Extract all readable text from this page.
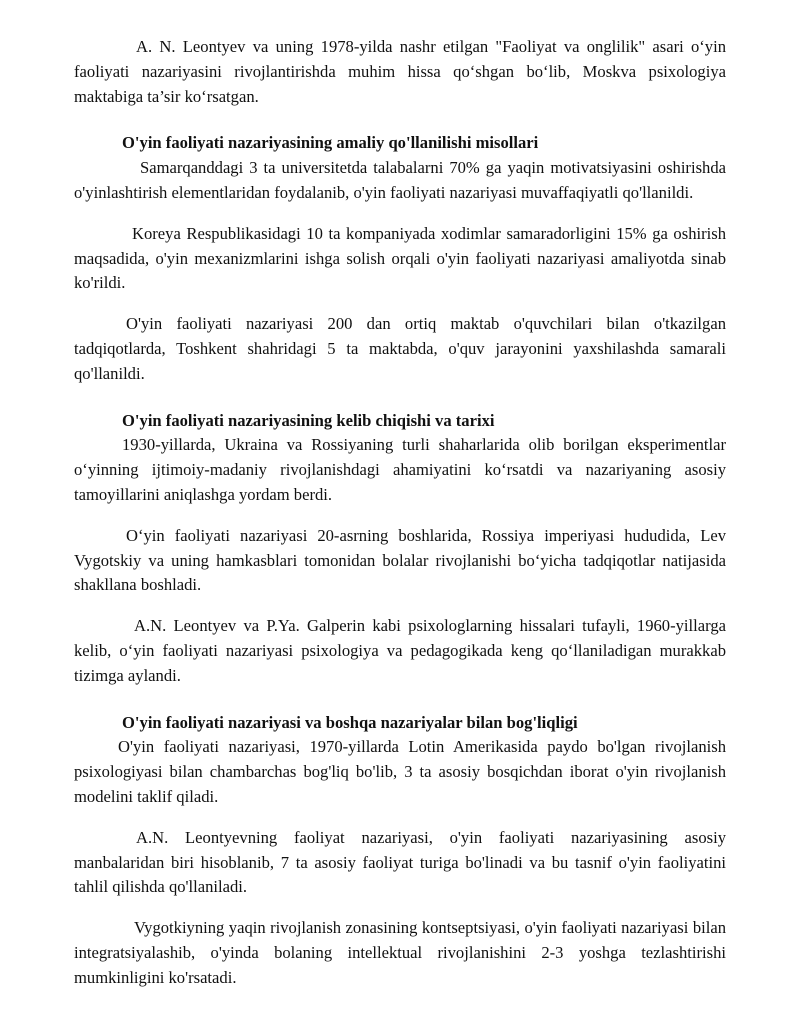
A. N. Leontyev va uning 1978-yilda nashr etilgan "Faoliyat va onglilik" asari o‘yin faoliyati nazariyasini rivojlantirishda muhim hissa qo‘shgan bo‘lib, Moskva psixologiya maktabiga ta’sir ko‘rsatgan.

O'yin faoliyati nazariyasining amaliy qo'llanilishi misollari

Samarqanddagi 3 ta universitetda talabalarni 70% ga yaqin motivatsiyasini oshirishda o'yinlashtirish elementlaridan foydalanib, o'yin faoliyati nazariyasi muvaffaqiyatli qo'llanildi.

Koreya Respublikasidagi 10 ta kompaniyada xodimlar samaradorligini 15% ga oshirish maqsadida, o'yin mexanizmlarini ishga solish orqali o'yin faoliyati nazariyasi amaliyotda sinab ko'rildi.

O'yin faoliyati nazariyasi 200 dan ortiq maktab o'quvchilari bilan o'tkazilgan tadqiqotlarda, Toshkent shahridagi 5 ta maktabda, o'quv jarayonini yaxshilashda samarali qo'llanildi.

O'yin faoliyati nazariyasining kelib chiqishi va tarixi

1930-yillarda, Ukraina va Rossiyaning turli shaharlarida olib borilgan eksperimentlar o‘yinning ijtimoiy-madaniy rivojlanishdagi ahamiyatini ko‘rsatdi va nazariyaning asosiy tamoyillarini aniqlashga yordam berdi.

O‘yin faoliyati nazariyasi 20-asrning boshlarida, Rossiya imperiyasi hududida, Lev Vygotskiy va uning hamkasblari tomonidan bolalar rivojlanishi bo‘yicha tadqiqotlar natijasida shakllana boshladi.

A.N. Leontyev va P.Ya. Galperin kabi psixologlarning hissalari tufayli, 1960-yillarga kelib, o‘yin faoliyati nazariyasi psixologiya va pedagogikada keng qo‘llaniladigan murakkab tizimga aylandi.

O'yin faoliyati nazariyasi va boshqa nazariyalar bilan bog'liqligi

O'yin faoliyati nazariyasi, 1970-yillarda Lotin Amerikasida paydo bo'lgan rivojlanish psixologiyasi bilan chambarchas bog'liq bo'lib, 3 ta asosiy bosqichdan iborat o'yin rivojlanish modelini taklif qiladi.

A.N. Leontyevning faoliyat nazariyasi, o'yin faoliyati nazariyasining asosiy manbalaridan biri hisoblanib, 7 ta asosiy faoliyat turiga bo'linadi va bu tasnif o'yin faoliyatini tahlil qilishda qo'llaniladi.

Vygotkiyning yaqin rivojlanish zonasining kontseptsiyasi, o'yin faoliyati nazariyasi bilan integratsiyalashib, o'yinda bolaning intellektual rivojlanishini 2-3 yoshga tezlashtirishi mumkinligini ko'rsatadi.
